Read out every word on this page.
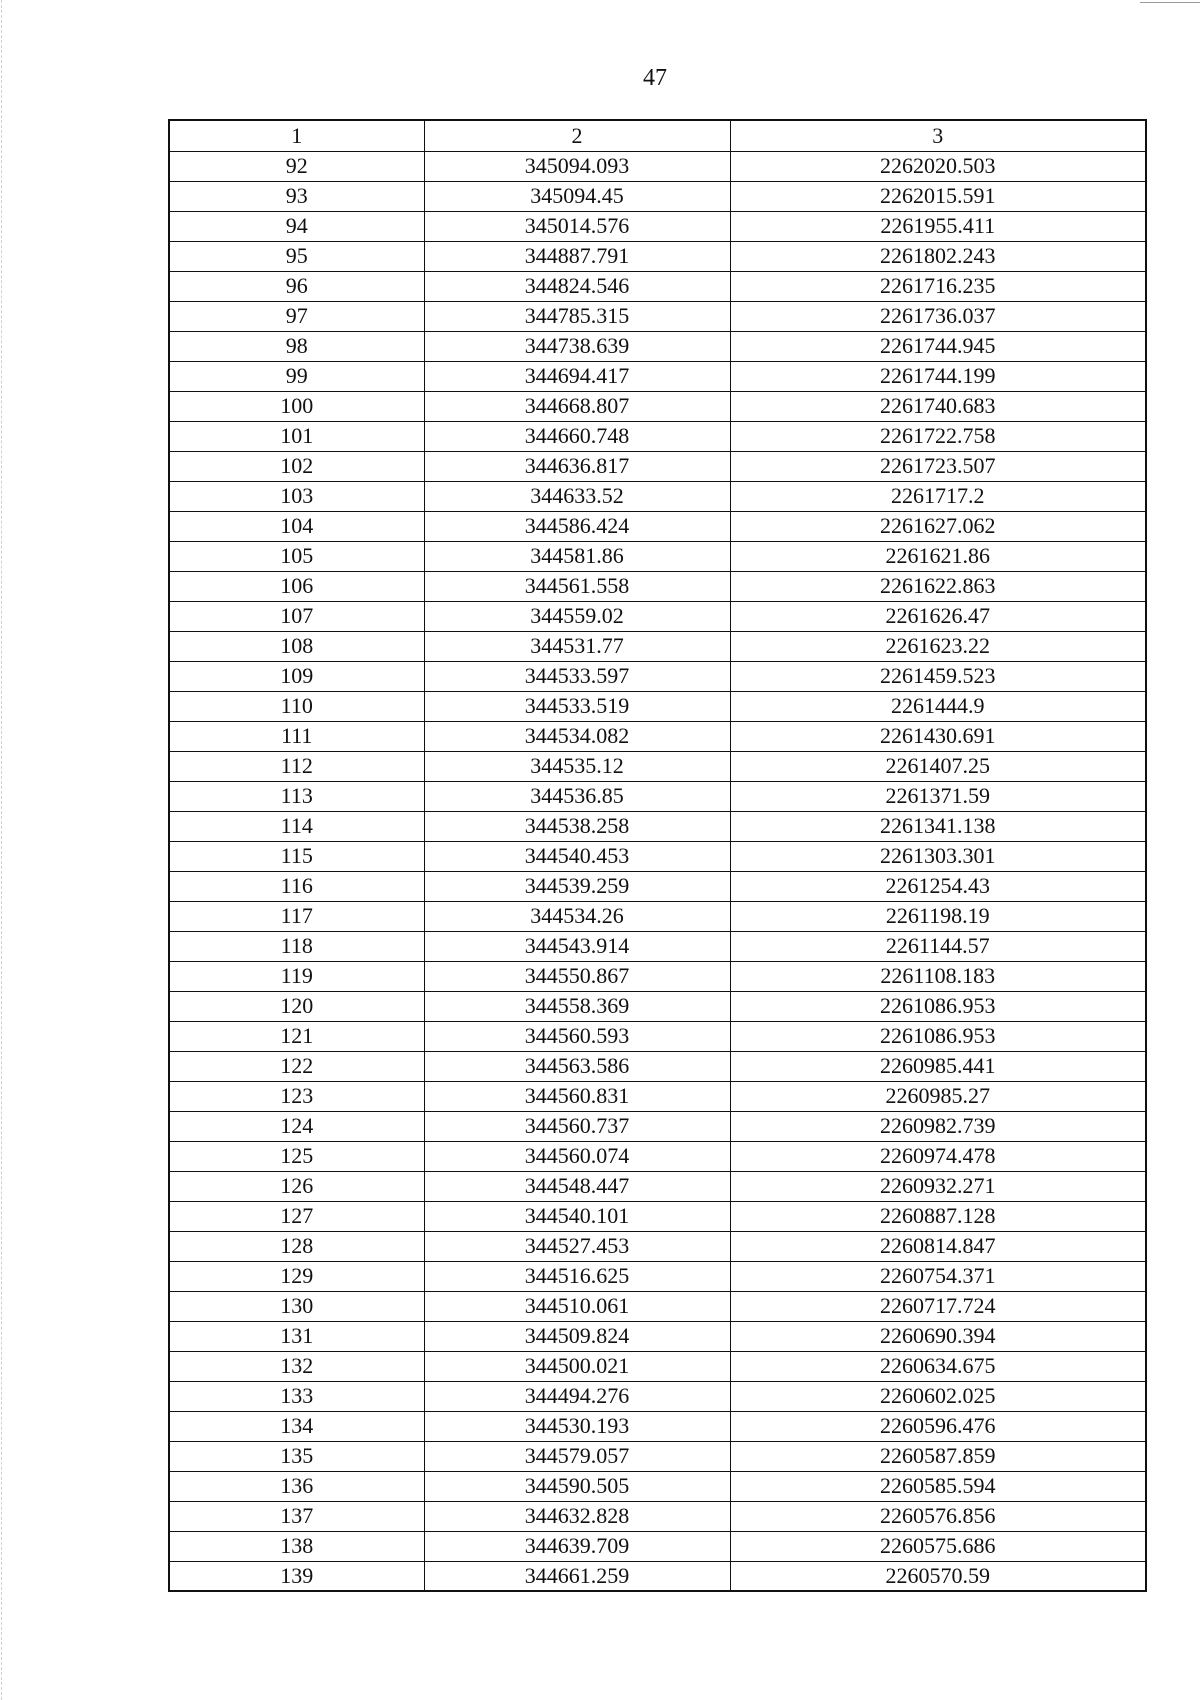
47
1	2	3
92	345094.093	2262020.503
93	345094.45	2262015.591
94	345014.576	2261955.411
95	344887.791	2261802.243
96	344824.546	2261716.235
97	344785.315	2261736.037
98	344738.639	2261744.945
99	344694.417	2261744.199
100	344668.807	2261740.683
101	344660.748	2261722.758
102	344636.817	2261723.507
103	344633.52	2261717.2
104	344586.424	2261627.062
105	344581.86	2261621.86
106	344561.558	2261622.863
107	344559.02	2261626.47
108	344531.77	2261623.22
109	344533.597	2261459.523
110	344533.519	2261444.9
111	344534.082	2261430.691
112	344535.12	2261407.25
113	344536.85	2261371.59
114	344538.258	2261341.138
115	344540.453	2261303.301
116	344539.259	2261254.43
117	344534.26	2261198.19
118	344543.914	2261144.57
119	344550.867	2261108.183
120	344558.369	2261086.953
121	344560.593	2261086.953
122	344563.586	2260985.441
123	344560.831	2260985.27
124	344560.737	2260982.739
125	344560.074	2260974.478
126	344548.447	2260932.271
127	344540.101	2260887.128
128	344527.453	2260814.847
129	344516.625	2260754.371
130	344510.061	2260717.724
131	344509.824	2260690.394
132	344500.021	2260634.675
133	344494.276	2260602.025
134	344530.193	2260596.476
135	344579.057	2260587.859
136	344590.505	2260585.594
137	344632.828	2260576.856
138	344639.709	2260575.686
139	344661.259	2260570.59
